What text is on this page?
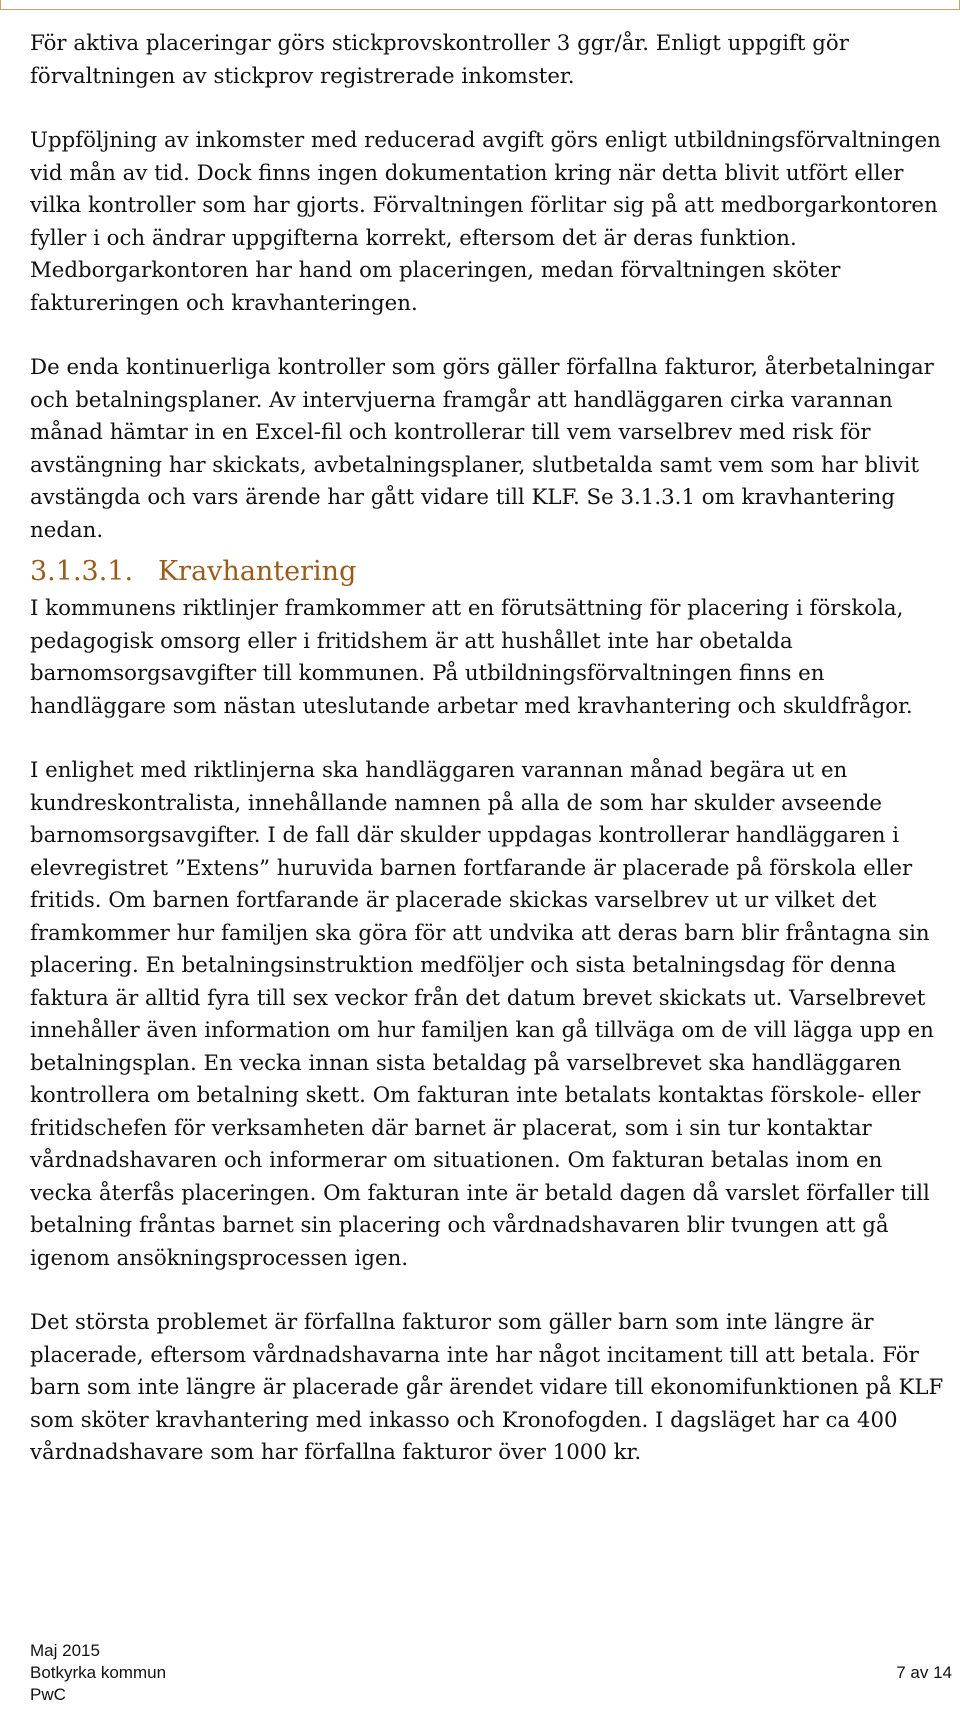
För aktiva placeringar görs stickprovskontroller 3 ggr/år. Enligt uppgift gör förvaltningen av stickprov registrerade inkomster.

Uppföljning av inkomster med reducerad avgift görs enligt utbildningsförvaltningen vid mån av tid. Dock finns ingen dokumentation kring när detta blivit utfört eller vilka kontroller som har gjorts. Förvaltningen förlitar sig på att medborgarkontoren fyller i och ändrar uppgifterna korrekt, eftersom det är deras funktion. Medborgarkontoren har hand om placeringen, medan förvaltningen sköter faktureringen och kravhanteringen.

De enda kontinuerliga kontroller som görs gäller förfallna fakturor, återbetalningar och betalningsplaner. Av intervjuerna framgår att handläggaren cirka varannan månad hämtar in en Excel-fil och kontrollerar till vem varselbrev med risk för avstängning har skickats, avbetalningsplaner, slutbetalda samt vem som har blivit avstängda och vars ärende har gått vidare till KLF. Se 3.1.3.1 om kravhantering nedan.

3.1.3.1. Kravhantering

I kommunens riktlinjer framkommer att en förutsättning för placering i förskola, pedagogisk omsorg eller i fritidshem är att hushållet inte har obetalda barnomsorgsavgifter till kommunen. På utbildningsförvaltningen finns en handläggare som nästan uteslutande arbetar med kravhantering och skuldfrågor.

I enlighet med riktlinjerna ska handläggaren varannan månad begära ut en kundreskontralista, innehållande namnen på alla de som har skulder avseende barnomsorgsavgifter. I de fall där skulder uppdagas kontrollerar handläggaren i elevregistret ”Extens” huruvida barnen fortfarande är placerade på förskola eller fritids. Om barnen fortfarande är placerade skickas varselbrev ut ur vilket det framkommer hur familjen ska göra för att undvika att deras barn blir fråntagna sin placering. En betalningsinstruktion medföljer och sista betalningsdag för denna faktura är alltid fyra till sex veckor från det datum brevet skickats ut. Varselbrevet innehåller även information om hur familjen kan gå tillväga om de vill lägga upp en betalningsplan. En vecka innan sista betaldag på varselbrevet ska handläggaren kontrollera om betalning skett. Om fakturan inte betalats kontaktas förskole- eller fritidschefen för verksamheten där barnet är placerat, som i sin tur kontaktar vårdnadshavaren och informerar om situationen. Om fakturan betalas inom en vecka återfås placeringen. Om fakturan inte är betald dagen då varslet förfaller till betalning fråntas barnet sin placering och vårdnadshavaren blir tvungen att gå igenom ansökningsprocessen igen.

Det största problemet är förfallna fakturor som gäller barn som inte längre är placerade, eftersom vårdnadshavarna inte har något incitament till att betala. För barn som inte längre är placerade går ärendet vidare till ekonomifunktionen på KLF som sköter kravhantering med inkasso och Kronofogden. I dagsläget har ca 400 vårdnadshavare som har förfallna fakturor över 1000 kr.

Maj 2015
Botkyrka kommun	7 av 14
PwC
